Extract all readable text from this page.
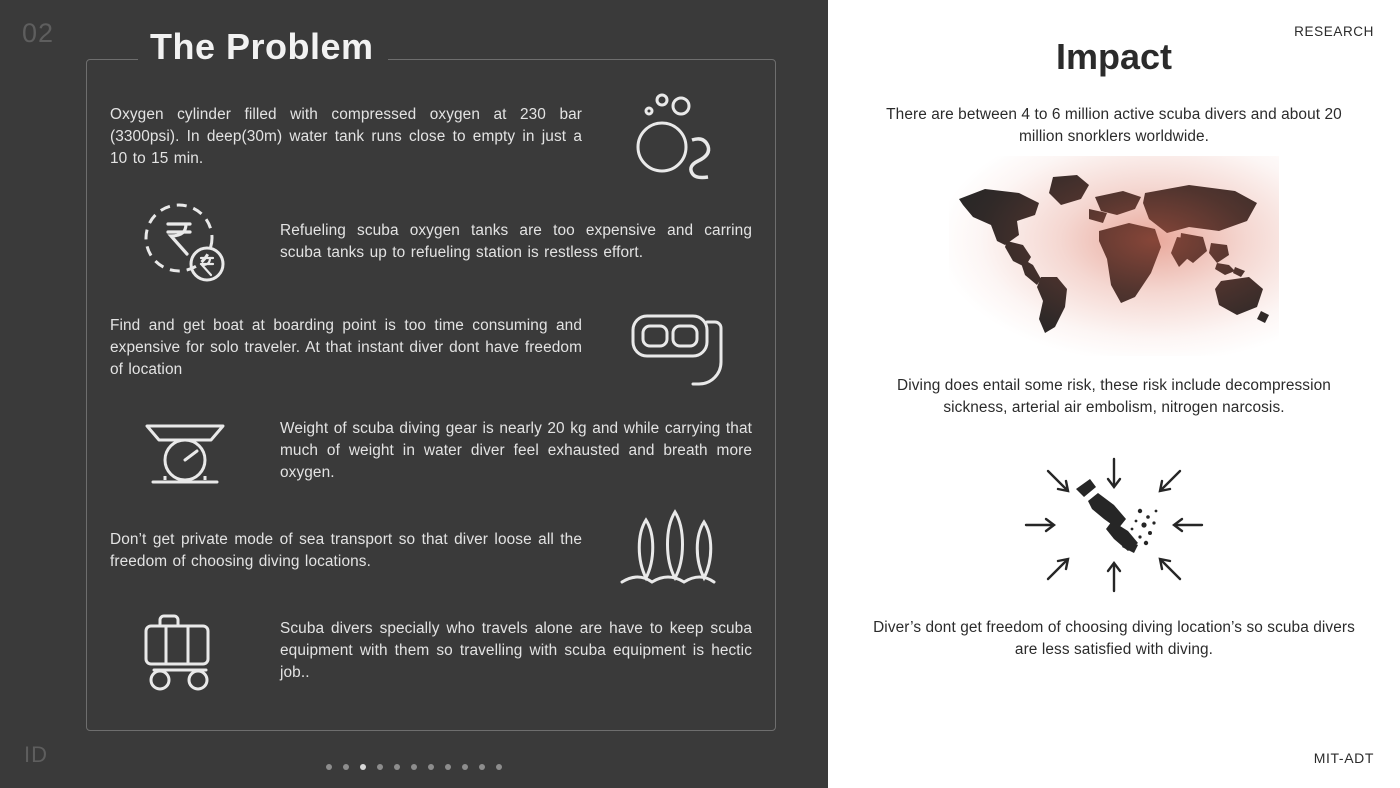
02
ID
The Problem
Oxygen cylinder filled with compressed oxygen at 230 bar (3300psi). In deep(30m) water tank runs close to empty in just a 10 to 15 min.
Refueling scuba oxygen tanks are too expensive and carring scuba tanks up to refueling station is restless effort.
Find and get boat at boarding point is too time consuming and expensive for solo traveler. At that instant diver dont have freedom of location
Weight of scuba diving gear is nearly 20 kg and while carrying that much of weight in water diver feel exhausted and breath more oxygen.
Don’t get private mode of sea transport so that diver loose all the freedom of choosing diving locations.
Scuba divers specially who travels alone are have to keep scuba equipment with them so travelling with scuba equipment is hectic job..
RESEARCH
MIT-ADT
Impact
There are between 4 to 6 million active scuba divers and about 20 million snorklers worldwide.
Diving does entail some risk, these risk include decompression sickness, arterial air embolism, nitrogen narcosis.
Diver’s dont get freedom of choosing diving location’s so scuba divers are less satisfied with diving.
